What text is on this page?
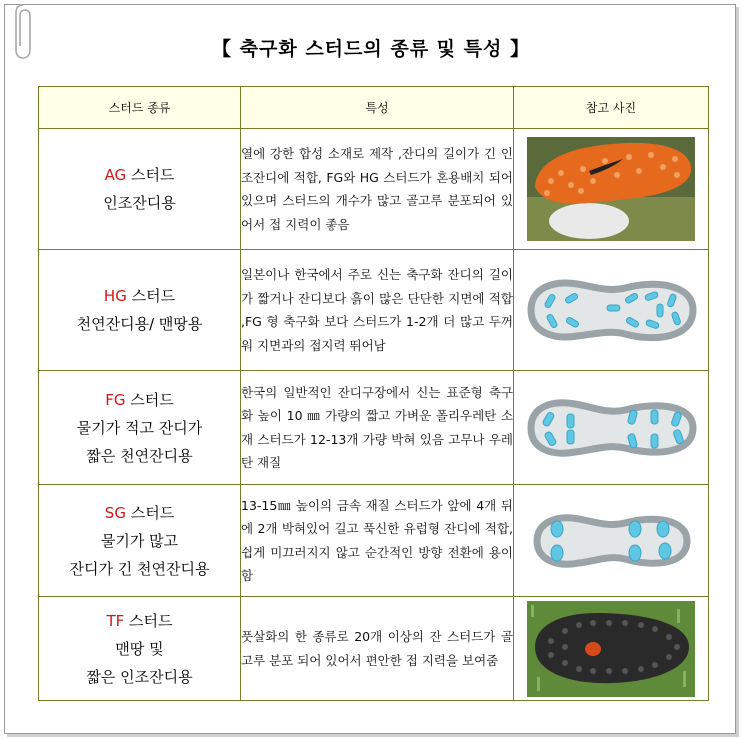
【 축구화 스터드의 종류 및 특성 】
스터드 종류	특성	참고 사진

AG 스터드
인조잔디용	열에 강한 합성 소재로 제작 ,잔디의 길이가 긴 인조잔디에 적합, FG와 HG 스터드가 혼용배치 되어 있으며 스터드의 개수가 많고 골고루 분포되어 있어서 접 지력이 좋음	

HG 스터드
천연잔디용/ 맨땅용	일본이나 한국에서 주로 신는 축구화 잔디의 길이가 짧거나 잔디보다 흙이 많은 단단한 지면에 적합 ,FG 형 축구화 보다 스터드가 1-2개 더 많고 두꺼워 지면과의 접지력 뛰어남	

FG 스터드
물기가 적고 잔디가
짧은 천연잔디용	한국의 일반적인 잔디구장에서 신는 표준형 축구화 높이 10 ㎜ 가량의 짧고 가벼운 폴리우레탄 소재 스터드가 12-13개 가량 박혀 있음 고무나 우레탄 재질	

SG 스터드
물기가 많고
잔디가 긴 천연잔디용	13-15㎜ 높이의 금속 재질 스터드가 앞에 4개 뒤에 2개 박혀있어 길고 푹신한 유럽형 잔디에 적합, 쉽게 미끄러지지 않고 순간적인 방향 전환에 용이함	

TF 스터드
맨땅 및
짧은 인조잔디용	풋살화의 한 종류로 20개 이상의 잔 스터드가 골고루 분포 되어 있어서 편안한 접 지력을 보여줌	
